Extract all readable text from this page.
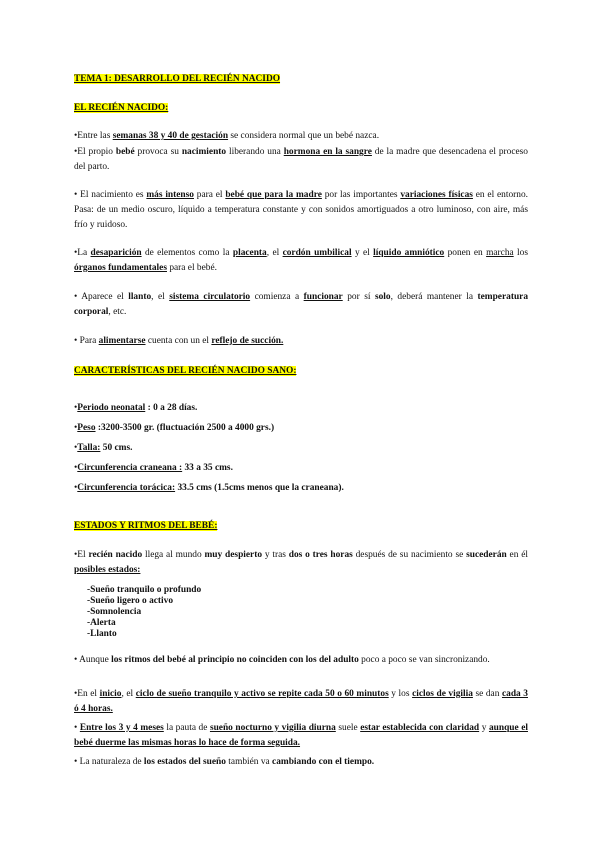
TEMA 1: DESARROLLO DEL RECIÉN NACIDO
EL RECIÉN NACIDO:
•Entre las semanas 38 y 40 de gestación se considera normal que un bebé nazca.
•El propio bebé provoca su nacimiento liberando una hormona en la sangre de la madre que desencadena el proceso del parto.
• El nacimiento es más intenso para el bebé que para la madre por las importantes variaciones físicas en el entorno. Pasa: de un medio oscuro, líquido a temperatura constante y con sonidos amortiguados a otro luminoso, con aire, más frío y ruidoso.
•La desaparición de elementos como la placenta, el cordón umbilical y el líquido amniótico ponen en marcha los órganos fundamentales para el bebé.
• Aparece el llanto, el sistema circulatorio comienza a funcionar por sí solo, deberá mantener la temperatura corporal, etc.
• Para alimentarse cuenta con un el reflejo de succión.
CARACTERÍSTICAS DEL RECIÉN NACIDO SANO:
•Periodo neonatal : 0 a 28 días.
•Peso :3200-3500 gr. (fluctuación 2500 a 4000 grs.)
•Talla: 50 cms.
•Circunferencia craneana : 33 a 35 cms.
•Circunferencia torácica: 33.5 cms (1.5cms menos que la craneana).
ESTADOS Y RITMOS DEL BEBÉ:
•El recién nacido llega al mundo muy despierto y tras dos o tres horas después de su nacimiento se sucederán en él posibles estados:
-Sueño tranquilo o profundo
-Sueño ligero o activo
-Somnolencia
-Alerta
-Llanto
• Aunque los ritmos del bebé al principio no coinciden con los del adulto poco a poco se van sincronizando.
•En el inicio, el ciclo de sueño tranquilo y activo se repite cada 50 o 60 minutos y los ciclos de vigilia se dan cada 3 ó 4 horas.
• Entre los 3 y 4 meses la pauta de sueño nocturno y vigilia diurna suele estar establecida con claridad y aunque el bebé duerme las mismas horas lo hace de forma seguida.
• La naturaleza de los estados del sueño también va cambiando con el tiempo.
